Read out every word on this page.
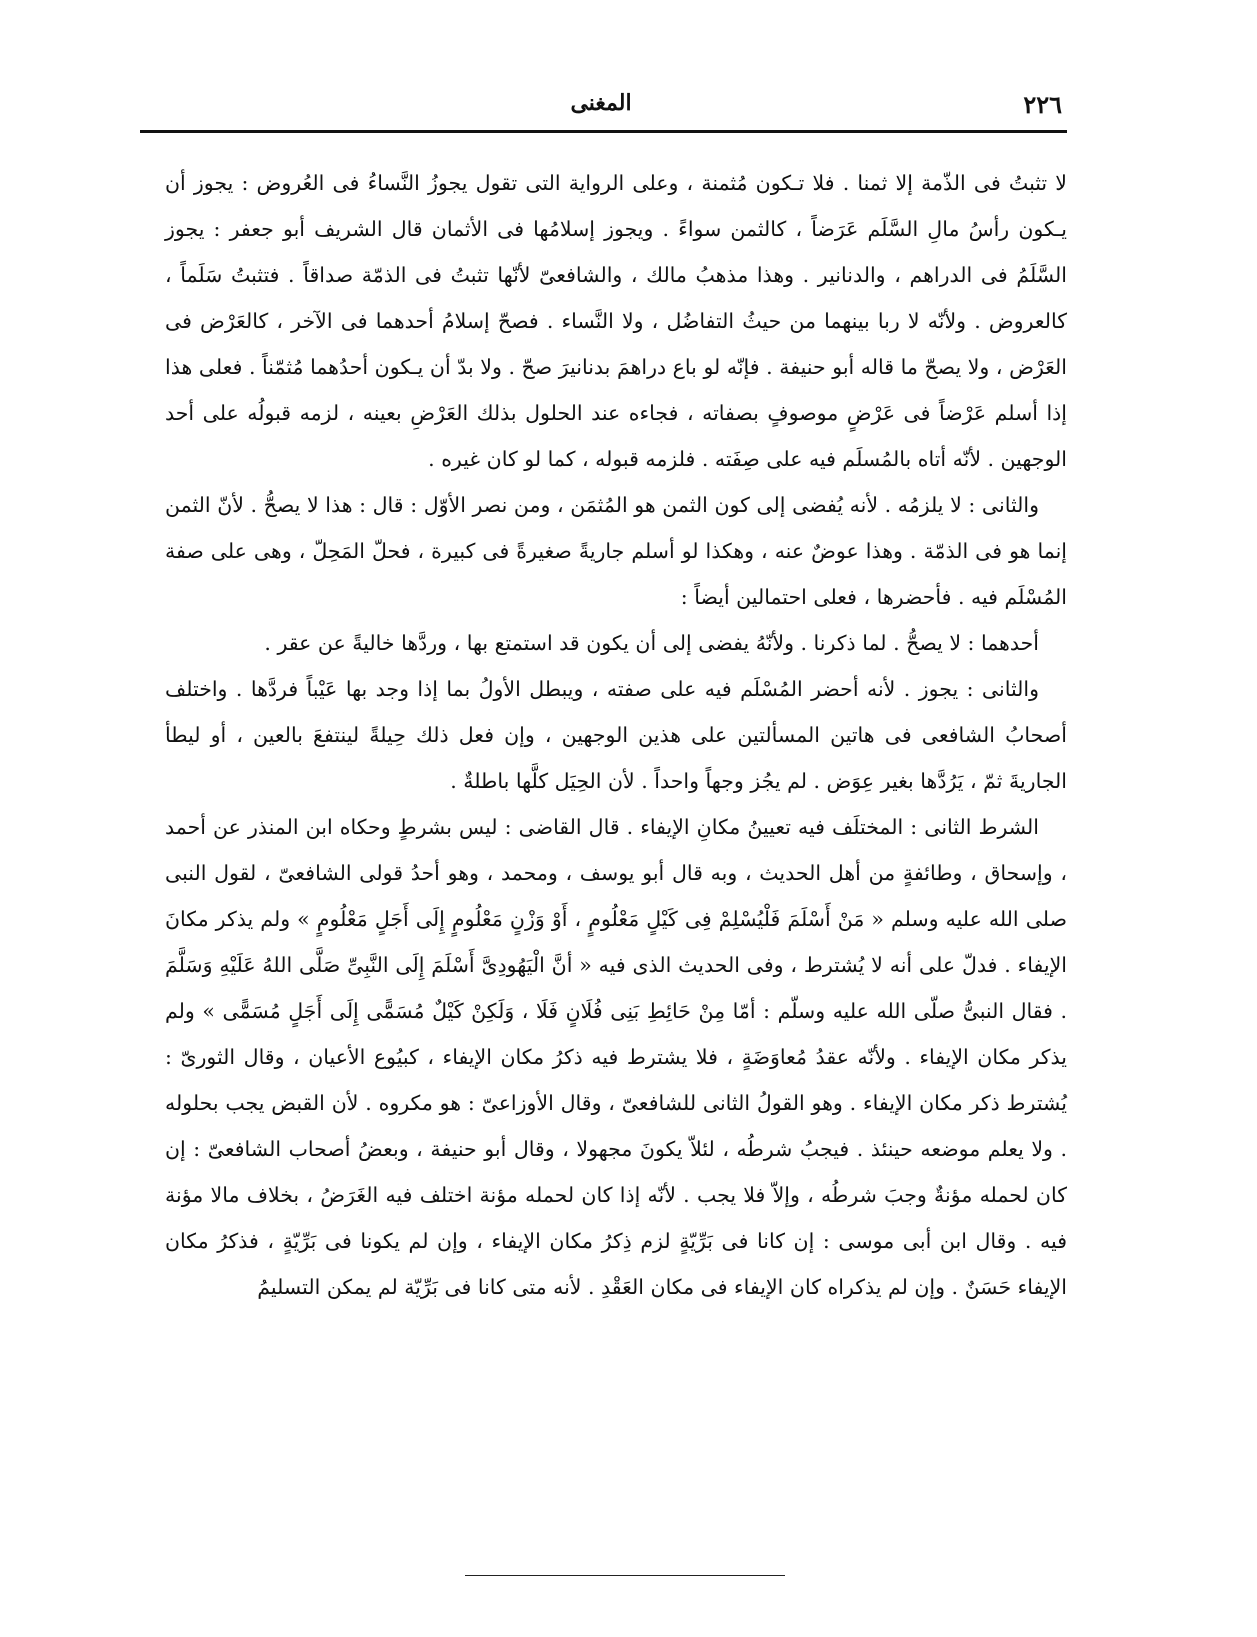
٢٢٦
المغنى

لا تثبتُ فى الذّمة إلا ثمنا . فلا تـكون مُثمنة ، وعلى الرواية التى تقول يجوزُ النَّساءُ فى العُروض : يجوز أن يـكون رأسُ مالِ السَّلَم عَرَضاً ، كالثمن سواءً . ويجوز إسلامُها فى الأثمان قال الشريف أبو جعفر : يجوز السَّلَمُ فى الدراهم ، والدنانير . وهذا مذهبُ مالك ، والشافعىّ لأنّها تثبتُ فى الذمّة صداقاً . فتثبتُ سَلَماً ، كالعروض . ولأنّه لا ربا بينهما من حيثُ التفاضُل ، ولا النَّساء . فصحّ إسلامُ أحدهما فى الآخر ، كالعَرْض فى العَرْض ، ولا يصحّ ما قاله أبو حنيفة . فإنّه لو باع دراهمَ بدنانيرَ صحّ . ولا بدّ أن يـكون أحدُهما مُثمّناً . فعلى هذا إذا أسلم عَرْضاً فى عَرْضٍ موصوفٍ بصفاته ، فجاءه عند الحلول بذلك العَرْضِ بعينه ، لزمه قبولُه على أحد الوجهين . لأنّه أتاه بالمُسلَم فيه على صِفَته . فلزمه قبوله ، كما لو كان غيره .

والثانى : لا يلزمُه . لأنه يُفضى إلى كون الثمن هو المُثمَن ، ومن نصر الأوّل : قال : هذا لا يصحُّ . لأنّ الثمن إنما هو فى الذمّة . وهذا عوضٌ عنه ، وهكذا لو أسلم جاريةً صغيرةً فى كبيرة ، فحلّ المَحِلّ ، وهى على صفة المُسْلَم فيه . فأحضرها ، فعلى احتمالين أيضاً :

أحدهما : لا يصحُّ . لما ذكرنا . ولأنّهُ يفضى إلى أن يكون قد استمتع بها ، وردَّها خاليةً عن عقر .

والثانى : يجوز . لأنه أحضر المُسْلَم فيه على صفته ، ويبطل الأولُ بما إذا وجد بها عَيْباً فردَّها . واختلف أصحابُ الشافعى فى هاتين المسألتين على هذين الوجهين ، وإن فعل ذلك حِيلةً لينتفعَ بالعين ، أو ليطأ الجاريةَ ثمّ ، يَرُدَّها بغير عِوَض . لم يجُز وجهاً واحداً . لأن الحِيَل كلَّها باطلةٌ .

الشرط الثانى : المختلَف فيه تعيينُ مكانِ الإيفاء . قال القاضى : ليس بشرطٍ وحكاه ابن المنذر عن أحمد ، وإسحاق ، وطائفةٍ من أهل الحديث ، وبه قال أبو يوسف ، ومحمد ، وهو أحدُ قولى الشافعىّ ، لقول النبى صلى الله عليه وسلم « مَنْ أَسْلَمَ فَلْيُسْلِمْ فِى كَيْلٍ مَعْلُومٍ ، أَوْ وَزْنٍ مَعْلُومٍ إِلَى أَجَلٍ مَعْلُومٍ » ولم يذكر مكانَ الإيفاء . فدلّ على أنه لا يُشترط ، وفى الحديث الذى فيه « أنَّ الْيَهُودِىَّ أَسْلَمَ إِلَى النَّبِىِّ صَلَّى اللهُ عَلَيْهِ وَسَلَّمَ . فقال النبىُّ صلّى الله عليه وسلّم : أمّا مِنْ حَائِطِ بَنِى فُلَانٍ فَلَا ، وَلَكِنْ كَيْلٌ مُسَمًّى إِلَى أَجَلٍ مُسَمًّى » ولم يذكر مكان الإيفاء . ولأنّه عقدُ مُعاوَضَةٍ ، فلا يشترط فيه ذكرُ مكان الإيفاء ، كبيُوع الأعيان ، وقال الثورىّ : يُشترط ذكر مكان الإيفاء . وهو القولُ الثانى للشافعىّ ، وقال الأوزاعىّ : هو مكروه . لأن القبض يجب بحلوله . ولا يعلم موضعه حينئذ . فيجبُ شرطُه ، لئلاّ يكونَ مجهولا ، وقال أبو حنيفة ، وبعضُ أصحاب الشافعىّ : إن كان لحمله مؤنةٌ وجبَ شرطُه ، وإلاّ فلا يجب . لأنّه إذا كان لحمله مؤنة اختلف فيه الغَرَضُ ، بخلاف مالا مؤنة فيه . وقال ابن أبى موسى : إن كانا فى بَرِّيّةٍ لزم ذِكرُ مكان الإيفاء ، وإن لم يكونا فى بَرِّيّةٍ ، فذكرُ مكان الإيفاء حَسَنٌ . وإن لم يذكراه كان الإيفاء فى مكان العَقْدِ . لأنه متى كانا فى بَرِّيّة لم يمكن التسليمُ
